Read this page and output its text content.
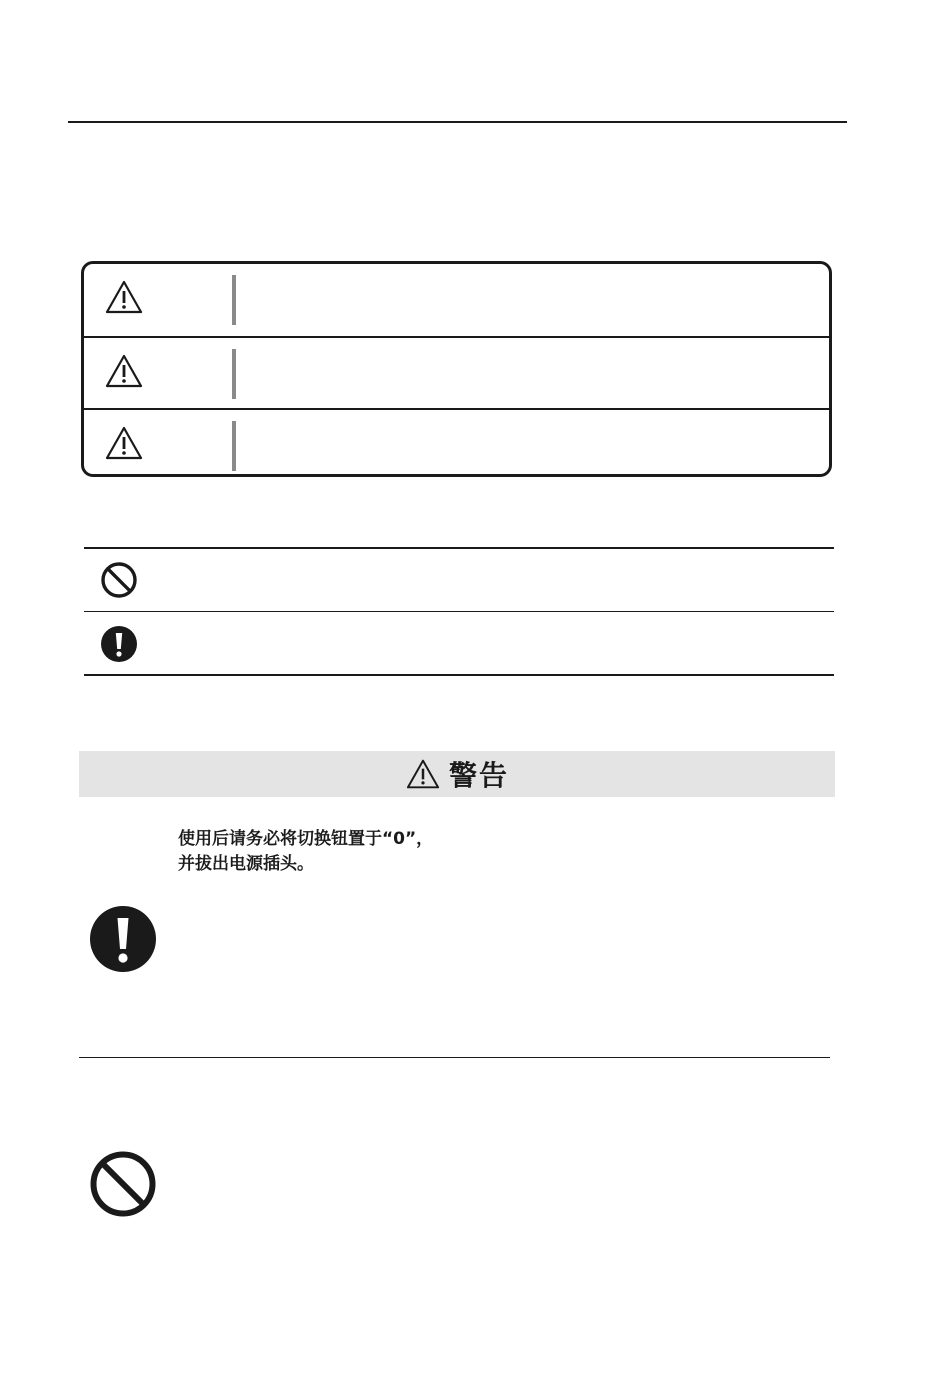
警告
使用后请务必将切换钮置于“0”，
并拔出电源插头。
